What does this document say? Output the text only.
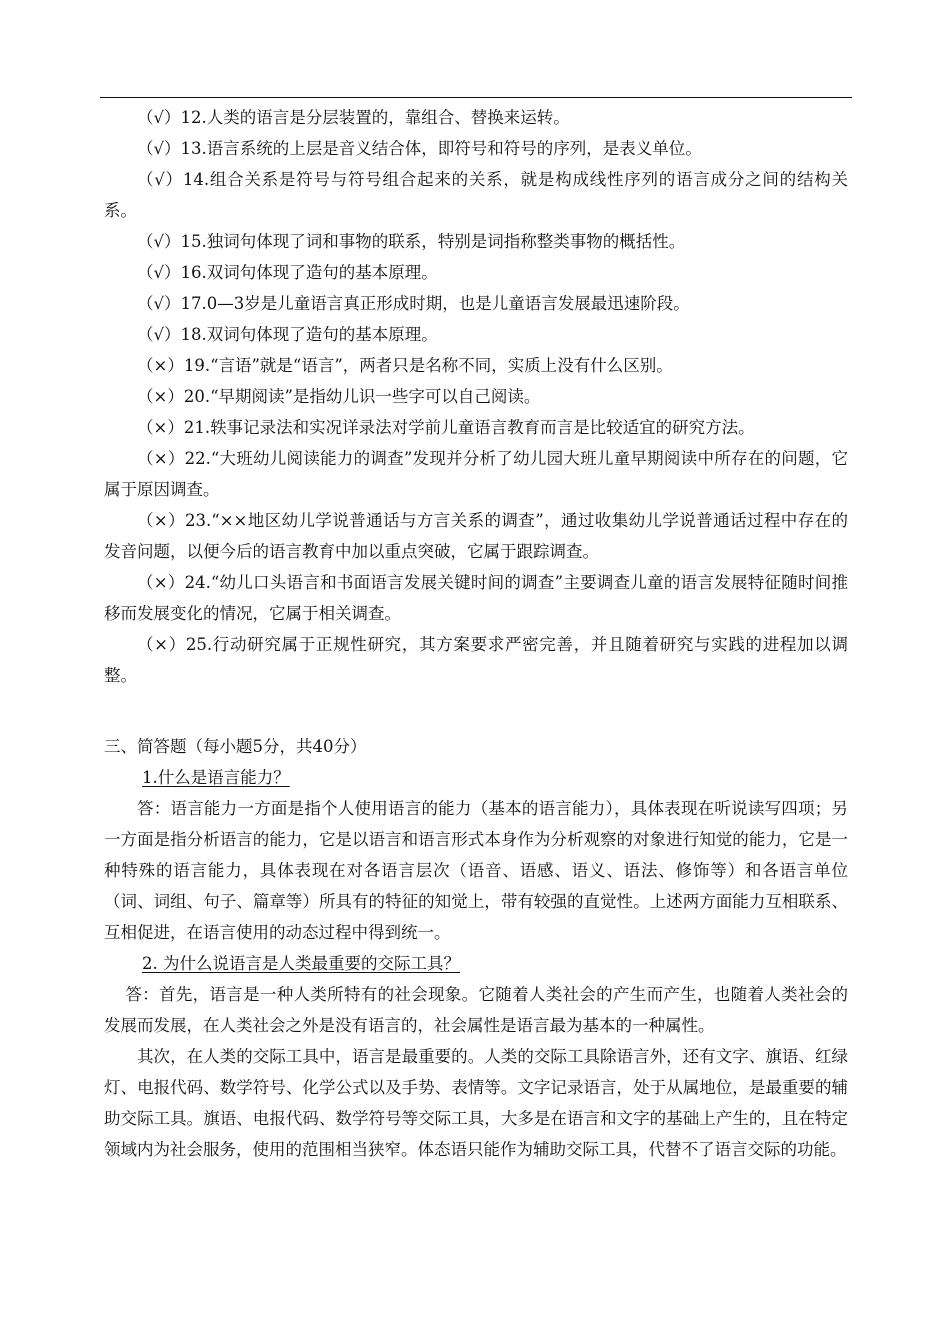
（√）12.人类的语言是分层装置的，靠组合、替换来运转。

（√）13.语言系统的上层是音义结合体，即符号和符号的序列，是表义单位。

（√）14.组合关系是符号与符号组合起来的关系，就是构成线性序列的语言成分之间的结构关系。

（√）15.独词句体现了词和事物的联系，特别是词指称整类事物的概括性。

（√）16.双词句体现了造句的基本原理。

（√）17.0—3岁是儿童语言真正形成时期，也是儿童语言发展最迅速阶段。

（√）18.双词句体现了造句的基本原理。

（×）19.“言语”就是“语言”，两者只是名称不同，实质上没有什么区别。

（×）20.“早期阅读”是指幼儿识一些字可以自己阅读。

（×）21.轶事记录法和实况详录法对学前儿童语言教育而言是比较适宜的研究方法。

（×）22.“大班幼儿阅读能力的调查”发现并分析了幼儿园大班儿童早期阅读中所存在的问题，它属于原因调查。

（×）23.“××地区幼儿学说普通话与方言关系的调查”，通过收集幼儿学说普通话过程中存在的发音问题，以便今后的语言教育中加以重点突破，它属于跟踪调查。

（×）24.“幼儿口头语言和书面语言发展关键时间的调查”主要调查儿童的语言发展特征随时间推移而发展变化的情况，它属于相关调查。

（×）25.行动研究属于正规性研究，其方案要求严密完善，并且随着研究与实践的进程加以调整。

三、简答题（每小题5分，共40分）

1.什么是语言能力？

答：语言能力一方面是指个人使用语言的能力（基本的语言能力），具体表现在听说读写四项；另一方面是指分析语言的能力，它是以语言和语言形式本身作为分析观察的对象进行知觉的能力，它是一种特殊的语言能力，具体表现在对各语言层次（语音、语感、语义、语法、修饰等）和各语言单位（词、词组、句子、篇章等）所具有的特征的知觉上，带有较强的直觉性。上述两方面能力互相联系、互相促进，在语言使用的动态过程中得到统一。

2. 为什么说语言是人类最重要的交际工具？

答：首先，语言是一种人类所特有的社会现象。它随着人类社会的产生而产生，也随着人类社会的发展而发展，在人类社会之外是没有语言的，社会属性是语言最为基本的一种属性。

其次，在人类的交际工具中，语言是最重要的。人类的交际工具除语言外，还有文字、旗语、红绿灯、电报代码、数学符号、化学公式以及手势、表情等。文字记录语言，处于从属地位，是最重要的辅助交际工具。旗语、电报代码、数学符号等交际工具，大多是在语言和文字的基础上产生的，且在特定领域内为社会服务，使用的范围相当狭窄。体态语只能作为辅助交际工具，代替不了语言交际的功能。
